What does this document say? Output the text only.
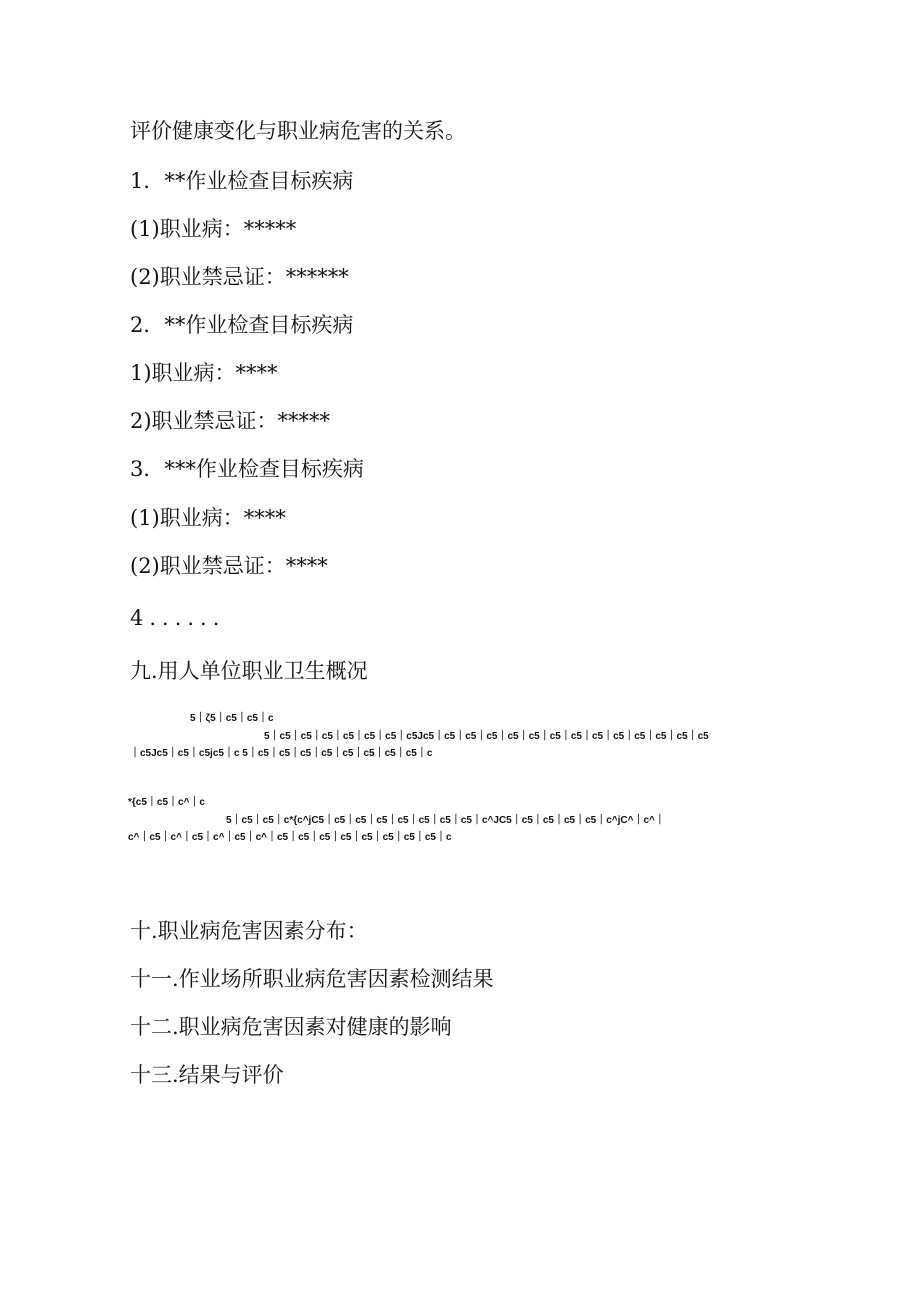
评价健康变化与职业病危害的关系。
1．**作业检查目标疾病
(1)职业病：*****
(2)职业禁忌证：******
2．**作业检查目标疾病
1)职业病：****
2)职业禁忌证：*****
3．***作业检查目标疾病
(1)职业病：****
(2)职业禁忌证：****
4......
九.用人单位职业卫生概况
5｜ζ5｜c5｜c5｜c
5｜c5｜c5｜c5｜c5｜c5｜c5｜c5Jc5｜c5｜c5｜c5｜c5｜c5｜c5｜c5｜c5｜c5｜c5｜c5｜c5｜c5
｜c5Jc5｜c5｜c5jc5｜c 5｜c5｜c5｜c5｜c5｜c5｜c5｜c5｜c5｜c
*{c5｜c5｜c^｜c
5｜c5｜c5｜c*{c^jC5｜c5｜c5｜c5｜c5｜c5｜c5｜c5｜c^JC5｜c5｜c5｜c5｜c5｜c^jC^｜c^｜
c^｜c5｜c^｜c5｜c^｜c5｜c^｜c5｜c5｜c5｜c5｜c5｜c5｜c5｜c5｜c
十.职业病危害因素分布：
十一.作业场所职业病危害因素检测结果
十二.职业病危害因素对健康的影响
十三.结果与评价
